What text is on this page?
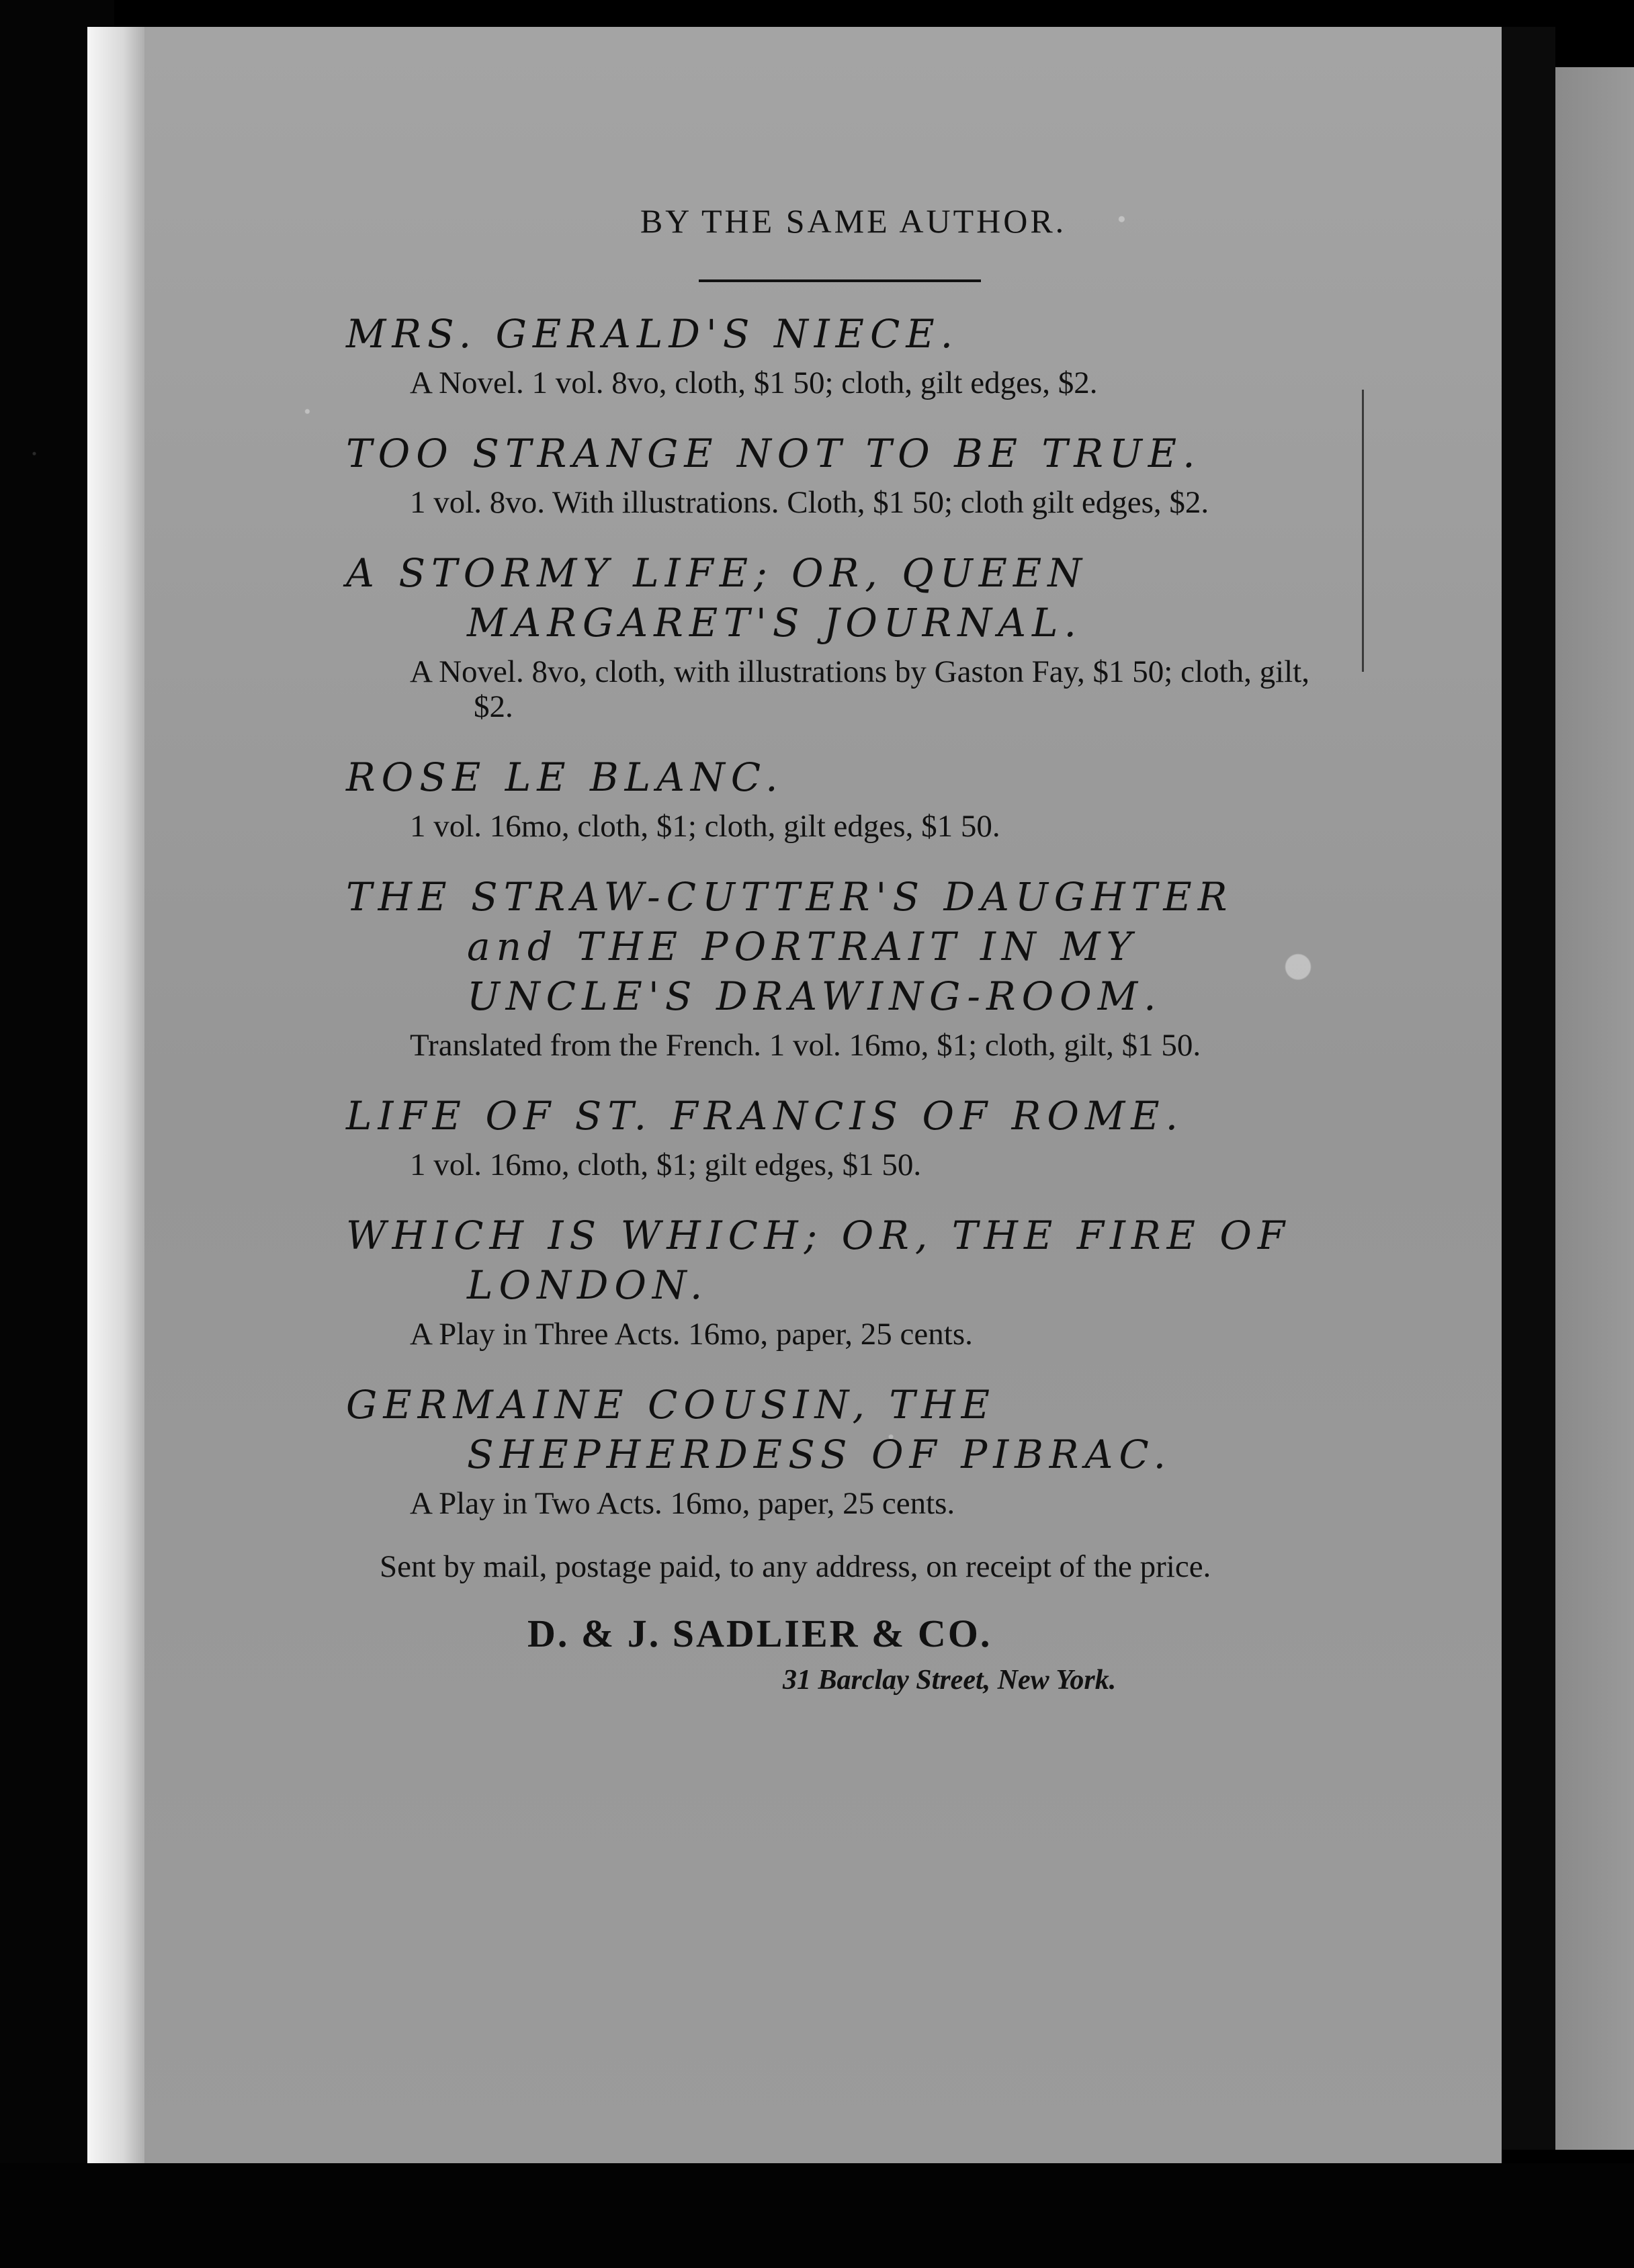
BY THE SAME AUTHOR.
MRS. GERALD'S NIECE.
A Novel. 1 vol. 8vo, cloth, $1 50; cloth, gilt edges, $2.
TOO STRANGE NOT TO BE TRUE.
1 vol. 8vo. With illustrations. Cloth, $1 50; cloth gilt edges, $2.
A STORMY LIFE; OR, QUEEN MARGARET'S JOURNAL.
A Novel. 8vo, cloth, with illustrations by Gaston Fay, $1 50; cloth, gilt, $2.
ROSE LE BLANC.
1 vol. 16mo, cloth, $1; cloth, gilt edges, $1 50.
THE STRAW-CUTTER'S DAUGHTER and THE PORTRAIT IN MY UNCLE'S DRAWING-ROOM.
Translated from the French. 1 vol. 16mo, $1; cloth, gilt, $1 50.
LIFE OF ST. FRANCIS OF ROME.
1 vol. 16mo, cloth, $1; gilt edges, $1 50.
WHICH IS WHICH; OR, THE FIRE OF LONDON.
A Play in Three Acts. 16mo, paper, 25 cents.
GERMAINE COUSIN, THE SHEPHERDESS OF PIBRAC.
A Play in Two Acts. 16mo, paper, 25 cents.
Sent by mail, postage paid, to any address, on receipt of the price.
D. & J. SADLIER & CO.
31 Barclay Street, New York.
